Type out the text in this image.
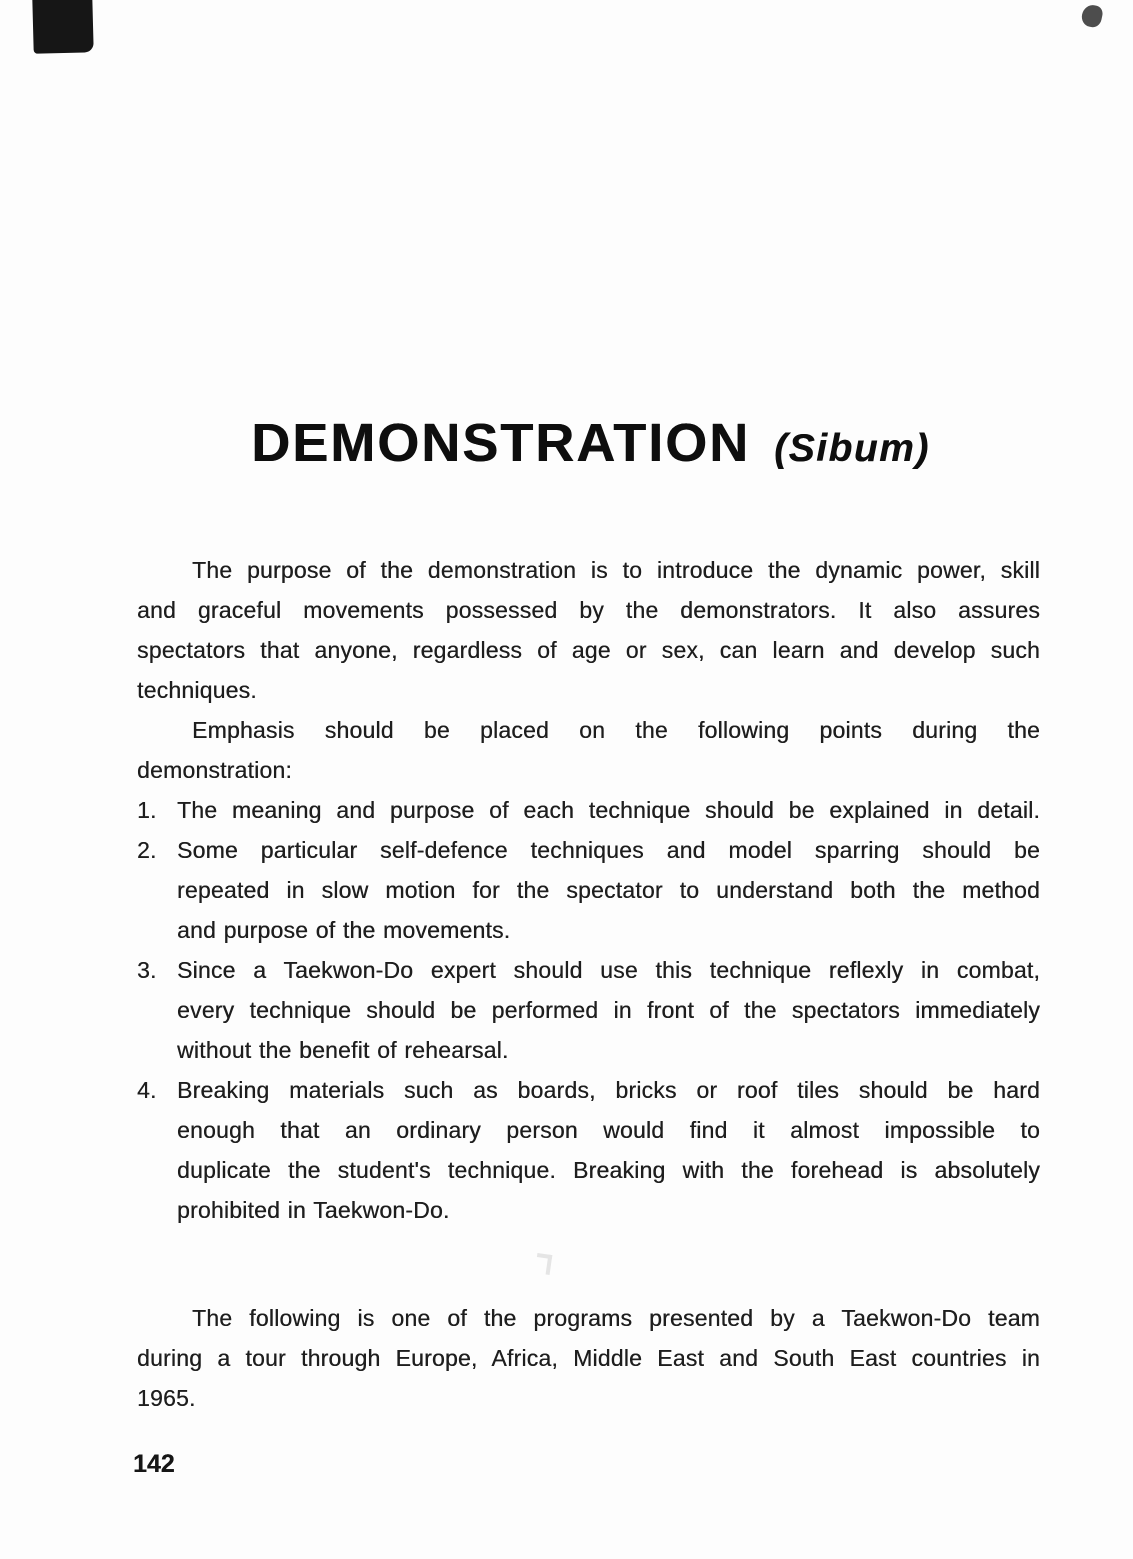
DEMONSTRATION (Sibum)
The purpose of the demonstration is to introduce the dynamic power, skill
and graceful movements possessed by the demonstrators. It also assures
spectators that anyone, regardless of age or sex, can learn and develop such
techniques.
Emphasis should be placed on the following points during the
demonstration:
1. The meaning and purpose of each technique should be explained in detail.
2. Some particular self-defence techniques and model sparring should be
repeated in slow motion for the spectator to understand both the method
and purpose of the movements.
3. Since a Taekwon-Do expert should use this technique reflexly in combat,
every technique should be performed in front of the spectators immediately
without the benefit of rehearsal.
4. Breaking materials such as boards, bricks or roof tiles should be hard
enough that an ordinary person would find it almost impossible to
duplicate the student's technique. Breaking with the forehead is absolutely
prohibited in Taekwon-Do.
The following is one of the programs presented by a Taekwon-Do team
during a tour through Europe, Africa, Middle East and South East countries in
1965.
142
